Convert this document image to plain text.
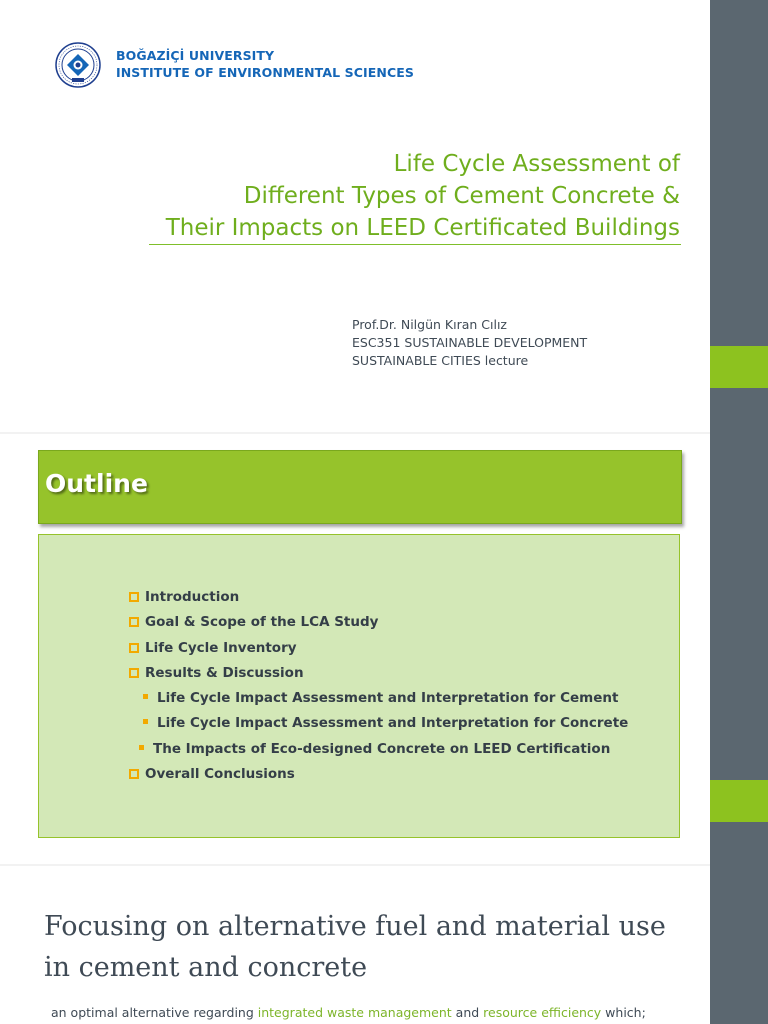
BOĞAZİÇİ UNIVERSITY
INSTITUTE OF ENVIRONMENTAL SCIENCES
Life Cycle Assessment of
Different Types of Cement Concrete &
Their Impacts on LEED Certificated Buildings
Prof.Dr. Nilgün Kıran Cılız
ESC351 SUSTAINABLE DEVELOPMENT
SUSTAINABLE CITIES lecture
Outline
Introduction
Goal & Scope of the LCA Study
Life Cycle Inventory
Results & Discussion
Life Cycle Impact Assessment and Interpretation for Cement
Life Cycle Impact Assessment and Interpretation for Concrete
The Impacts of Eco-designed Concrete on LEED Certification
Overall Conclusions
Focusing on alternative fuel and material use
in cement and concrete
an optimal alternative regarding integrated waste management and resource efficiency which;
